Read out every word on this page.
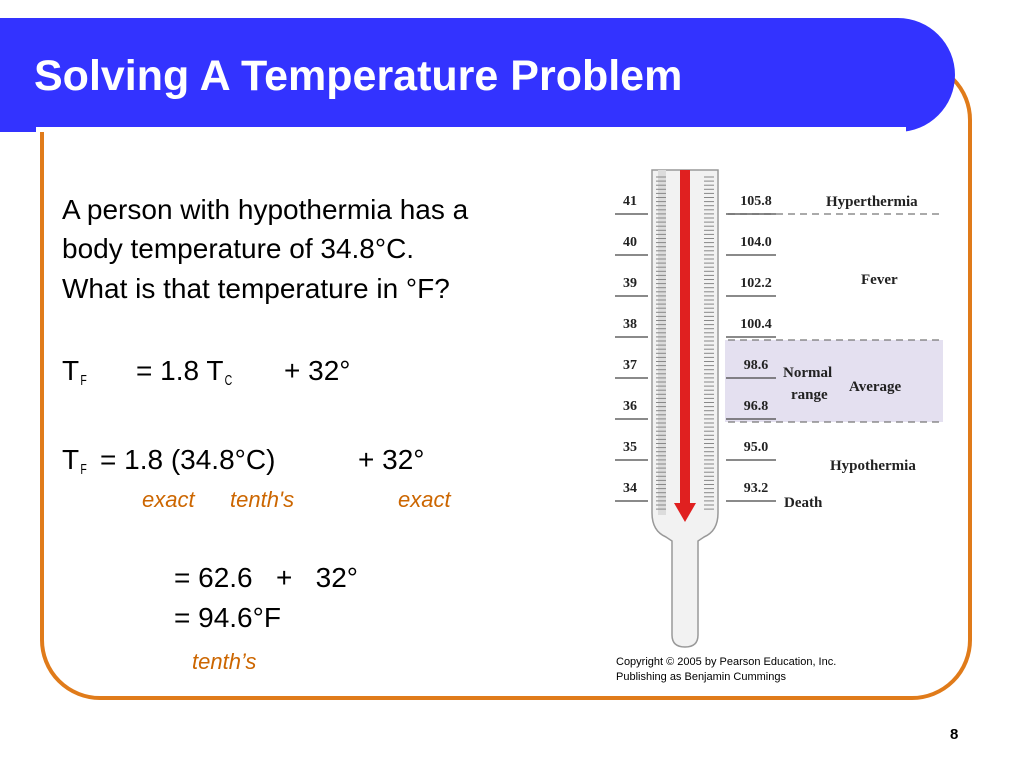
Solving A Temperature Problem
A person with hypothermia has a
body temperature of 34.8°C.
What is that temperature in °F?
TF = 1.8 T C + 32°
TF = 1.8 (34.8°C)	+ 32°
exact tenth's	exact
= 62.6   +   32°
= 94.6°F
tenth’s
41
40
39
38
37
36
35
34
105.8
104.0
102.2
100.4
98.6
96.8
95.0
93.2
Hyperthermia
Fever
Normal
range Average
Hypothermia
Death
Copyright © 2005 by Pearson Education, Inc.
Publishing as Benjamin Cummings
8
